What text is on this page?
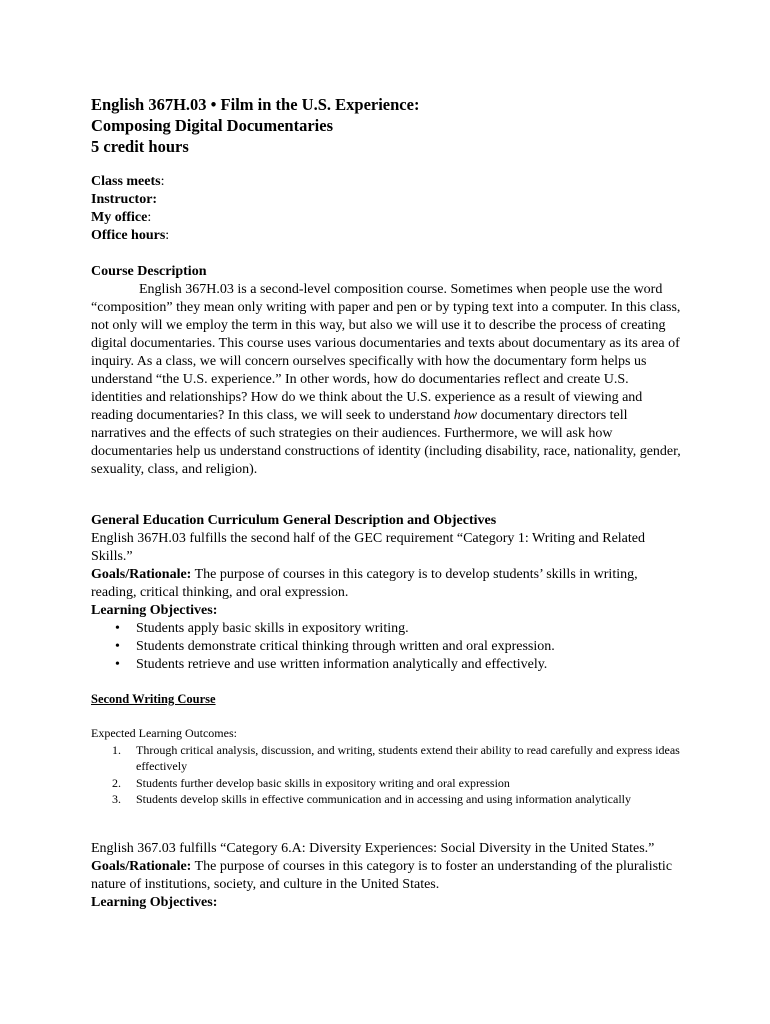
English 367H.03 • Film in the U.S. Experience:
Composing Digital Documentaries
5 credit hours
Class meets:
Instructor:
My office:
Office hours:
Course Description
English 367H.03 is a second-level composition course. Sometimes when people use the word “composition” they mean only writing with paper and pen or by typing text into a computer. In this class, not only will we employ the term in this way, but also we will use it to describe the process of creating digital documentaries. This course uses various documentaries and texts about documentary as its area of inquiry. As a class, we will concern ourselves specifically with how the documentary form helps us understand “the U.S. experience.” In other words, how do documentaries reflect and create U.S. identities and relationships? How do we think about the U.S. experience as a result of viewing and reading documentaries? In this class, we will seek to understand how documentary directors tell narratives and the effects of such strategies on their audiences. Furthermore, we will ask how documentaries help us understand constructions of identity (including disability, race, nationality, gender, sexuality, class, and religion).
General Education Curriculum General Description and Objectives
English 367H.03 fulfills the second half of the GEC requirement “Category 1: Writing and Related Skills.”
Goals/Rationale: The purpose of courses in this category is to develop students’ skills in writing, reading, critical thinking, and oral expression.
Learning Objectives:
• Students apply basic skills in expository writing.
• Students demonstrate critical thinking through written and oral expression.
• Students retrieve and use written information analytically and effectively.
Second Writing Course
Expected Learning Outcomes:
1. Through critical analysis, discussion, and writing, students extend their ability to read carefully and express ideas effectively
2. Students further develop basic skills in expository writing and oral expression
3. Students develop skills in effective communication and in accessing and using information analytically
English 367.03 fulfills “Category 6.A: Diversity Experiences: Social Diversity in the United States.”
Goals/Rationale: The purpose of courses in this category is to foster an understanding of the pluralistic nature of institutions, society, and culture in the United States.
Learning Objectives:
